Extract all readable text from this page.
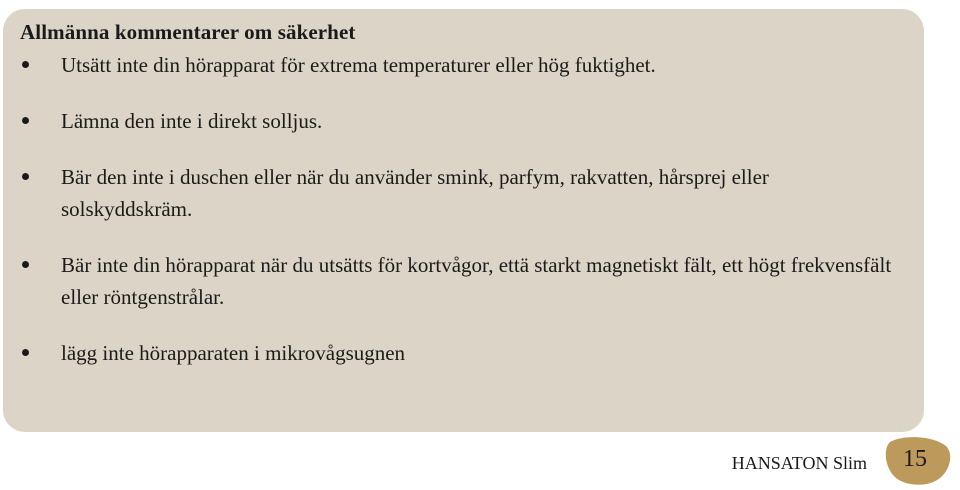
Allmänna kommentarer om säkerhet
Utsätt inte din hörapparat för extrema temperaturer eller hög fuktighet.
Lämna den inte i direkt solljus.
Bär den inte i duschen eller när du använder smink, parfym, rakvatten, hårsprej eller solskyddskräm.
Bär inte din hörapparat när du utsätts för kortvågor, että starkt magnetiskt fält, ett högt frekvensfält eller röntgenstrålar.
lägg inte hörapparaten i mikrovågsugnen
HANSATON Slim	15
